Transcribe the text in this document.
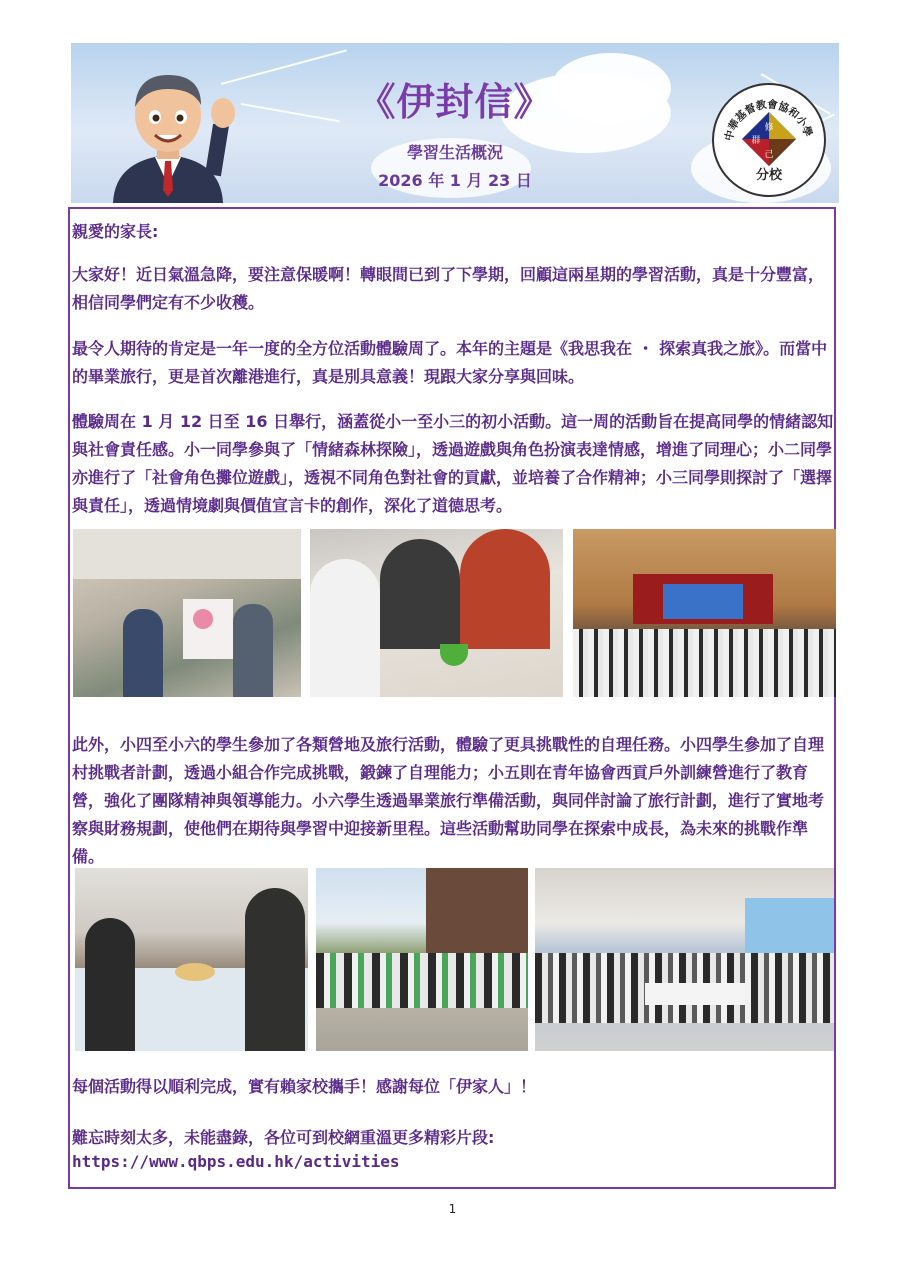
《伊封信》
學習生活概況
2026 年 1 月 23 日
中華基督教會協和小學
修
群
己
分校

親愛的家長:

大家好！近日氣溫急降，要注意保暖啊！轉眼間已到了下學期，回顧這兩星期的學習活動，真是十分豐富，相信同學們定有不少收穫。

最令人期待的肯定是一年一度的全方位活動體驗周了。本年的主題是《我思我在 ・ 探索真我之旅》。而當中的畢業旅行，更是首次離港進行，真是別具意義！現跟大家分享與回味。

體驗周在 1 月 12 日至 16 日舉行，涵蓋從小一至小三的初小活動。這一周的活動旨在提高同學的情緒認知與社會責任感。小一同學參與了「情緒森林探險」，透過遊戲與角色扮演表達情感，增進了同理心；小二同學亦進行了「社會角色攤位遊戲」，透視不同角色對社會的貢獻，並培養了合作精神；小三同學則探討了「選擇與責任」，透過情境劇與價值宣言卡的創作，深化了道德思考。

此外，小四至小六的學生參加了各類營地及旅行活動，體驗了更具挑戰性的自理任務。小四學生參加了自理村挑戰者計劃，透過小組合作完成挑戰，鍛鍊了自理能力；小五則在青年協會西貢戶外訓練營進行了教育營，強化了團隊精神與領導能力。小六學生透過畢業旅行準備活動，與同伴討論了旅行計劃，進行了實地考察與財務規劃，使他們在期待與學習中迎接新里程。這些活動幫助同學在探索中成長，為未來的挑戰作準備。

每個活動得以順利完成，實有賴家校攜手！感謝每位「伊家人」！

難忘時刻太多，未能盡錄，各位可到校網重溫更多精彩片段:

https://www.qbps.edu.hk/activities

1
